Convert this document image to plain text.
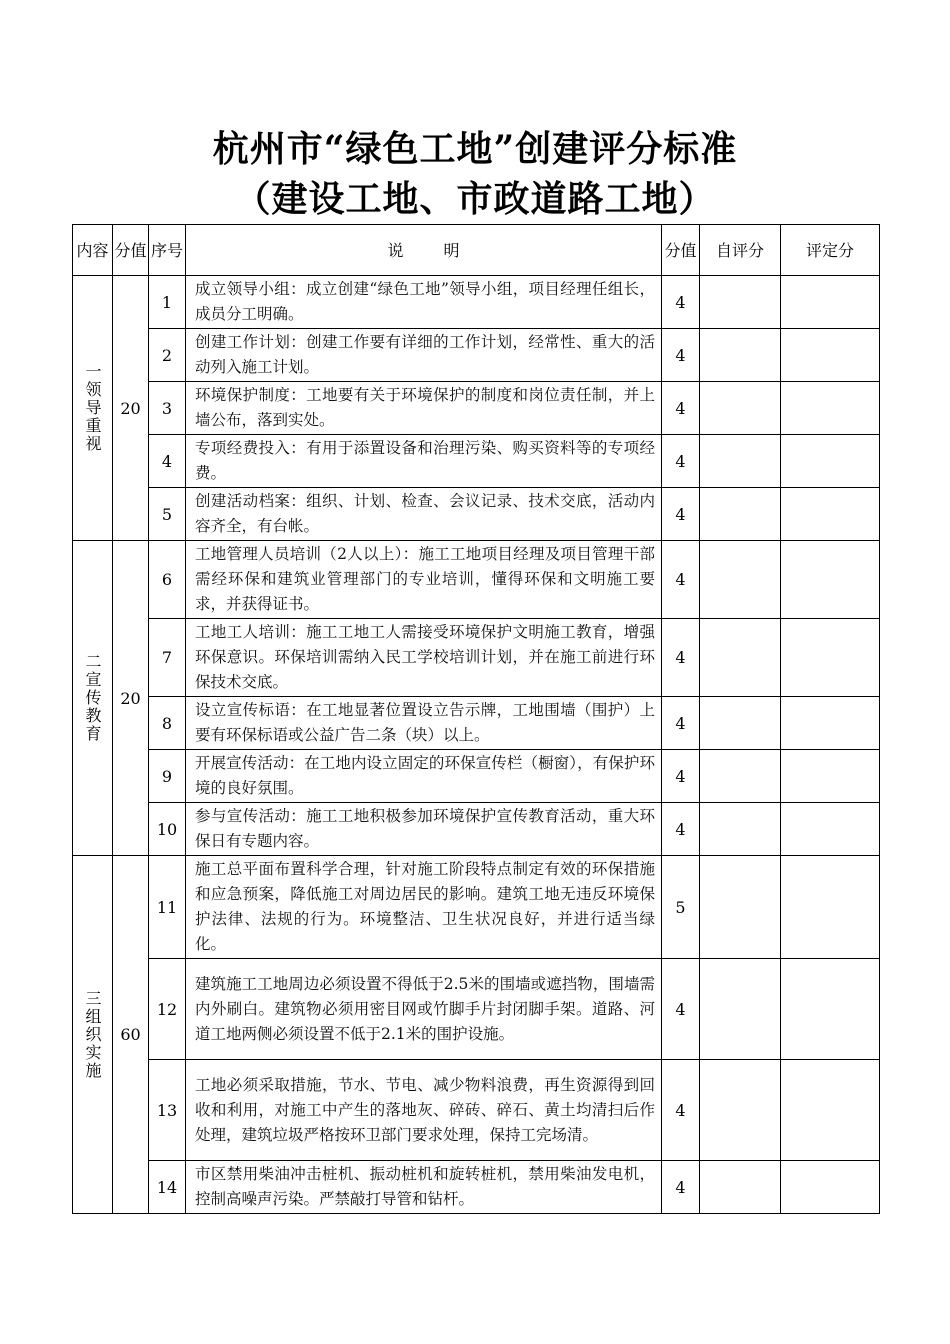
杭州市“绿色工地”创建评分标准
（建设工地、市政道路工地）
内容	分值	序号	说明	分值	自评分	评定分

一领导重视	20	1	成立领导小组：成立创建“绿色工地”领导小组，项目经理任组长，成员分工明确。	4		
		2	创建工作计划：创建工作要有详细的工作计划，经常性、重大的活动列入施工计划。	4		
		3	环境保护制度：工地要有关于环境保护的制度和岗位责任制，并上墙公布，落到实处。	4		
		4	专项经费投入：有用于添置设备和治理污染、购买资料等的专项经费。	4		
		5	创建活动档案：组织、计划、检查、会议记录、技术交底，活动内容齐全，有台帐。	4		

二宣传教育	20	6	工地管理人员培训（2人以上）：施工工地项目经理及项目管理干部需经环保和建筑业管理部门的专业培训，懂得环保和文明施工要求，并获得证书。	4		
		7	工地工人培训：施工工地工人需接受环境保护文明施工教育，增强环保意识。环保培训需纳入民工学校培训计划，并在施工前进行环保技术交底。	4		
		8	设立宣传标语：在工地显著位置设立告示牌，工地围墙（围护）上要有环保标语或公益广告二条（块）以上。	4		
		9	开展宣传活动：在工地内设立固定的环保宣传栏（橱窗），有保护环境的良好氛围。	4		
		10	参与宣传活动：施工工地积极参加环境保护宣传教育活动，重大环保日有专题内容。	4		

三组织实施	60	11	施工总平面布置科学合理，针对施工阶段特点制定有效的环保措施和应急预案，降低施工对周边居民的影响。建筑工地无违反环境保护法律、法规的行为。环境整洁、卫生状况良好，并进行适当绿化。	5		
		12	建筑施工工地周边必须设置不得低于2.5米的围墙或遮挡物，围墙需内外刷白。建筑物必须用密目网或竹脚手片封闭脚手架。道路、河道工地两侧必须设置不低于2.1米的围护设施。	4		
		13	工地必须采取措施，节水、节电、减少物料浪费，再生资源得到回收和利用，对施工中产生的落地灰、碎砖、碎石、黄土均清扫后作处理，建筑垃圾严格按环卫部门要求处理，保持工完场清。	4		
		14	市区禁用柴油冲击桩机、振动桩机和旋转桩机，禁用柴油发电机，控制高噪声污染。严禁敲打导管和钻杆。	4		
